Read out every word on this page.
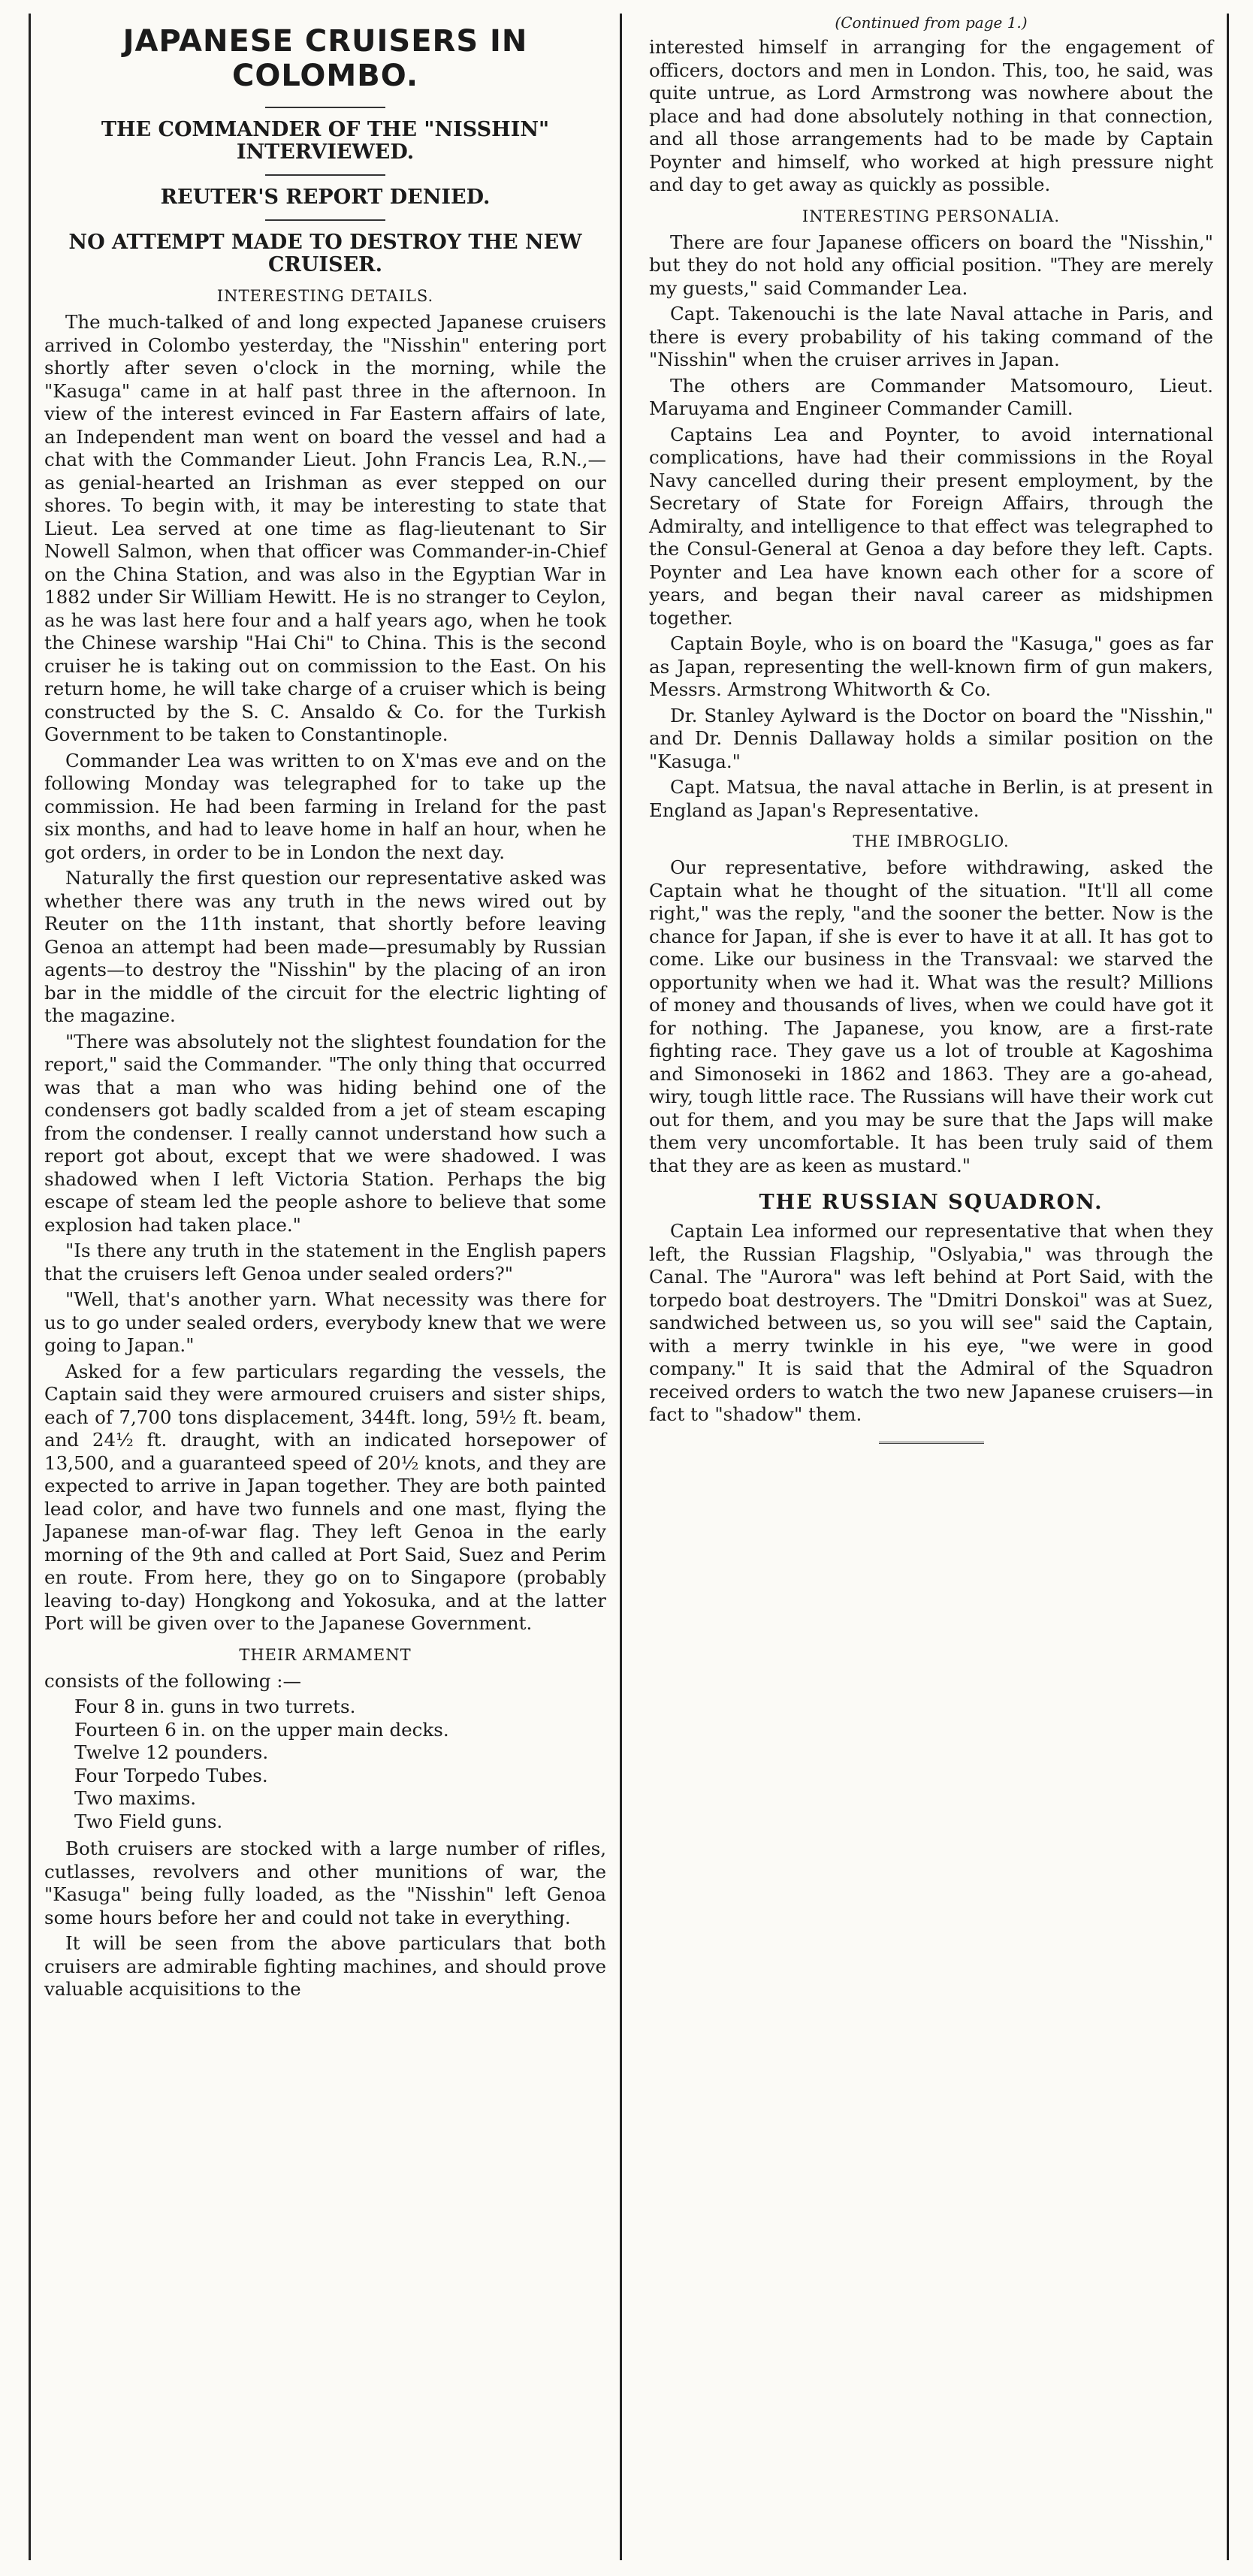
JAPANESE CRUISERS IN
COLOMBO.
THE COMMANDER OF THE "NISSHIN" INTERVIEWED.
REUTER'S REPORT DENIED.
NO ATTEMPT MADE TO DESTROY THE NEW CRUISER.
INTERESTING DETAILS.

The much-talked of and long expected Japanese cruisers arrived in Colombo yesterday, the "Nisshin" entering port shortly after seven o'clock in the morning, while the "Kasuga" came in at half past three in the afternoon. In view of the interest evinced in Far Eastern affairs of late, an Independent man went on board the vessel and had a chat with the Commander Lieut. John Francis Lea, R.N.,—as genial-hearted an Irishman as ever stepped on our shores. To begin with, it may be interesting to state that Lieut. Lea served at one time as flag-lieutenant to Sir Nowell Salmon, when that officer was Commander-in-Chief on the China Station, and was also in the Egyptian War in 1882 under Sir William Hewitt. He is no stranger to Ceylon, as he was last here four and a half years ago, when he took the Chinese warship "Hai Chi" to China. This is the second cruiser he is taking out on commission to the East. On his return home, he will take charge of a cruiser which is being constructed by the S. C. Ansaldo & Co. for the Turkish Government to be taken to Constantinople.

Commander Lea was written to on X'mas eve and on the following Monday was telegraphed for to take up the commission. He had been farming in Ireland for the past six months, and had to leave home in half an hour, when he got orders, in order to be in London the next day.

Naturally the first question our representative asked was whether there was any truth in the news wired out by Reuter on the 11th instant, that shortly before leaving Genoa an attempt had been made—presumably by Russian agents—to destroy the "Nisshin" by the placing of an iron bar in the middle of the circuit for the electric lighting of the magazine.

"There was absolutely not the slightest foundation for the report," said the Commander. "The only thing that occurred was that a man who was hiding behind one of the condensers got badly scalded from a jet of steam escaping from the condenser. I really cannot understand how such a report got about, except that we were shadowed. I was shadowed when I left Victoria Station. Perhaps the big escape of steam led the people ashore to believe that some explosion had taken place."

"Is there any truth in the statement in the English papers that the cruisers left Genoa under sealed orders?"

"Well, that's another yarn. What necessity was there for us to go under sealed orders, everybody knew that we were going to Japan."

Asked for a few particulars regarding the vessels, the Captain said they were armoured cruisers and sister ships, each of 7,700 tons displacement, 344ft. long, 59½ ft. beam, and 24½ ft. draught, with an indicated horsepower of 13,500, and a guaranteed speed of 20½ knots, and they are expected to arrive in Japan together. They are both painted lead color, and have two funnels and one mast, flying the Japanese man-of-war flag. They left Genoa in the early morning of the 9th and called at Port Said, Suez and Perim en route. From here, they go on to Singapore (probably leaving to-day) Hongkong and Yokosuka, and at the latter Port will be given over to the Japanese Government.

THEIR ARMAMENT

consists of the following :—

Four 8 in. guns in two turrets.
Fourteen 6 in. on the upper main decks.
Twelve 12 pounders.
Four Torpedo Tubes.
Two maxims.
Two Field guns.

Both cruisers are stocked with a large number of rifles, cutlasses, revolvers and other munitions of war, the "Kasuga" being fully loaded, as the "Nisshin" left Genoa some hours before her and could not take in everything.

It will be seen from the above particulars that both cruisers are admirable fighting machines, and should prove valuable acquisitions to the

(Continued from page 1.)

interested himself in arranging for the engagement of officers, doctors and men in London. This, too, he said, was quite untrue, as Lord Armstrong was nowhere about the place and had done absolutely nothing in that connection, and all those arrangements had to be made by Captain Poynter and himself, who worked at high pressure night and day to get away as quickly as possible.

INTERESTING PERSONALIA.

There are four Japanese officers on board the "Nisshin," but they do not hold any official position. "They are merely my guests," said Commander Lea.

Capt. Takenouchi is the late Naval attache in Paris, and there is every probability of his taking command of the "Nisshin" when the cruiser arrives in Japan.

The others are Commander Matsomouro, Lieut. Maruyama and Engineer Commander Camill.

Captains Lea and Poynter, to avoid international complications, have had their commissions in the Royal Navy cancelled during their present employment, by the Secretary of State for Foreign Affairs, through the Admiralty, and intelligence to that effect was telegraphed to the Consul-General at Genoa a day before they left. Capts. Poynter and Lea have known each other for a score of years, and began their naval career as midshipmen together.

Captain Boyle, who is on board the "Kasuga," goes as far as Japan, representing the well-known firm of gun makers, Messrs. Armstrong Whitworth & Co.

Dr. Stanley Aylward is the Doctor on board the "Nisshin," and Dr. Dennis Dallaway holds a similar position on the "Kasuga."

Capt. Matsua, the naval attache in Berlin, is at present in England as Japan's Representative.

THE IMBROGLIO.

Our representative, before withdrawing, asked the Captain what he thought of the situation. "It'll all come right," was the reply, "and the sooner the better. Now is the chance for Japan, if she is ever to have it at all. It has got to come. Like our business in the Transvaal: we starved the opportunity when we had it. What was the result? Millions of money and thousands of lives, when we could have got it for nothing. The Japanese, you know, are a first-rate fighting race. They gave us a lot of trouble at Kagoshima and Simonoseki in 1862 and 1863. They are a go-ahead, wiry, tough little race. The Russians will have their work cut out for them, and you may be sure that the Japs will make them very uncomfortable. It has been truly said of them that they are as keen as mustard."

THE RUSSIAN SQUADRON.

Captain Lea informed our representative that when they left, the Russian Flagship, "Oslyabia," was through the Canal. The "Aurora" was left behind at Port Said, with the torpedo boat destroyers. The "Dmitri Donskoi" was at Suez, sandwiched between us, so you will see" said the Captain, with a merry twinkle in his eye, "we were in good company." It is said that the Admiral of the Squadron received orders to watch the two new Japanese cruisers—in fact to "shadow" them.
